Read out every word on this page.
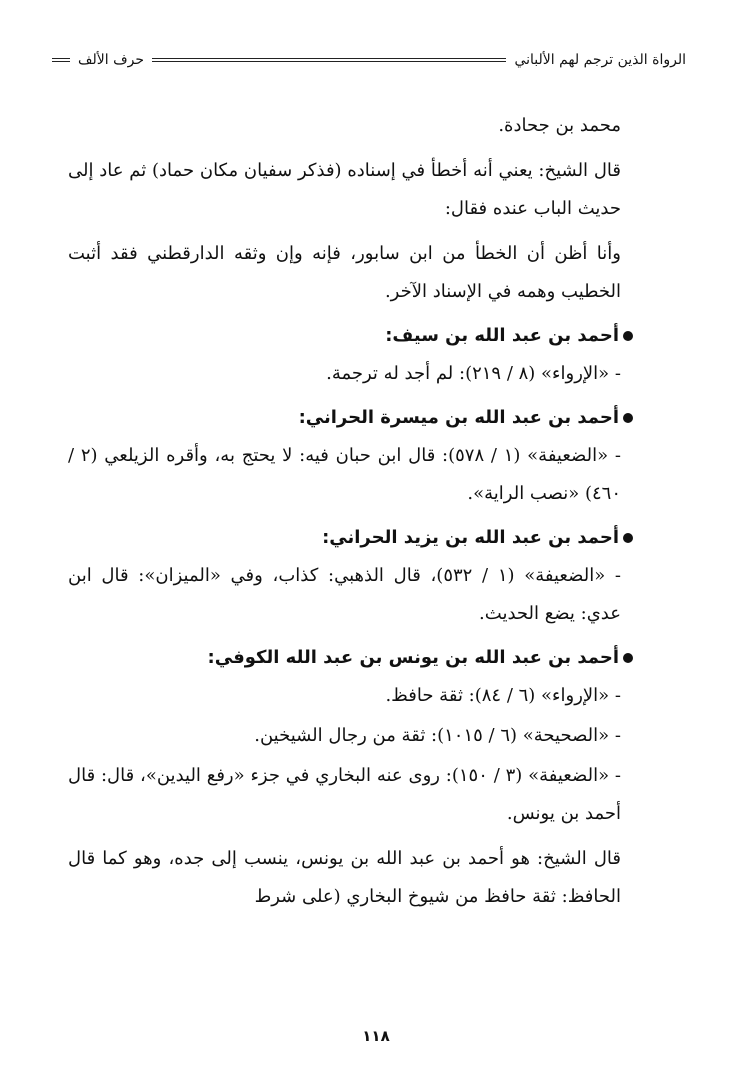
الرواة الذين ترجم لهم الألباني
حرف الألف

محمد بن جحادة.

قال الشيخ: يعني أنه أخطأ في إسناده (فذكر سفيان مكان حماد) ثم عاد إلى حديث الباب عنده فقال:

وأنا أظن أن الخطأ من ابن سابور، فإنه وإن وثقه الدارقطني فقد أثبت الخطيب وهمه في الإسناد الآخر.

أحمد بن عبد الله بن سيف:

- «الإرواء» (٨ / ٢١٩): لم أجد له ترجمة.

أحمد بن عبد الله بن ميسرة الحراني:

- «الضعيفة» (١ / ٥٧٨): قال ابن حبان فيه: لا يحتج به، وأقره الزيلعي (٢ / ٤٦٠) «نصب الراية».

أحمد بن عبد الله بن يزيد الحراني:

- «الضعيفة» (١ / ٥٣٢)، قال الذهبي: كذاب، وفي «الميزان»: قال ابن عدي: يضع الحديث.

أحمد بن عبد الله بن يونس بن عبد الله الكوفي:

- «الإرواء» (٦ / ٨٤): ثقة حافظ.

- «الصحيحة» (٦ / ١٠١٥): ثقة من رجال الشيخين.

- «الضعيفة» (٣ / ١٥٠): روى عنه البخاري في جزء «رفع اليدين»، قال: قال أحمد بن يونس.

قال الشيخ: هو أحمد بن عبد الله بن يونس، ينسب إلى جده، وهو كما قال الحافظ: ثقة حافظ من شيوخ البخاري (على شرط

١١٨
